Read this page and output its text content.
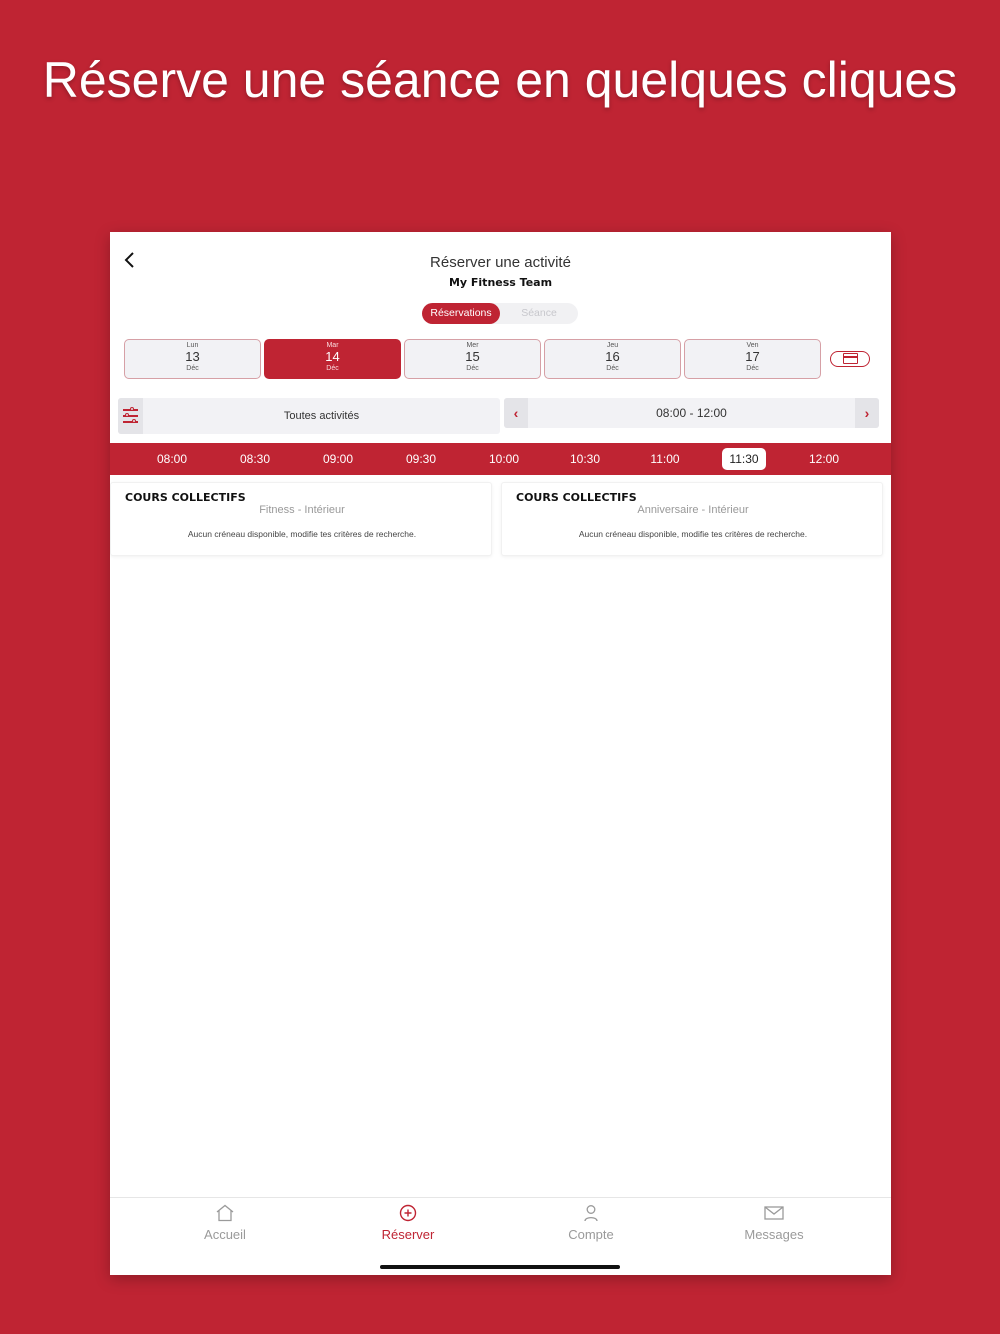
Réserve une séance en quelques cliques
Réserver une activité
My Fitness Team
Réservations	Séance
Lun
13
Déc
Mar
14
Déc
Mer
15
Déc
Jeu
16
Déc
Ven
17
Déc
Toutes activités	‹	08:00 - 12:00	›
08:00	08:30	09:00	09:30	10:00	10:30	11:00	11:30	12:00
COURS COLLECTIFS
Fitness - Intérieur
Aucun créneau disponible, modifie tes critères de recherche.
COURS COLLECTIFS
Anniversaire - Intérieur
Aucun créneau disponible, modifie tes critères de recherche.
Accueil	Réserver	Compte	Messages
